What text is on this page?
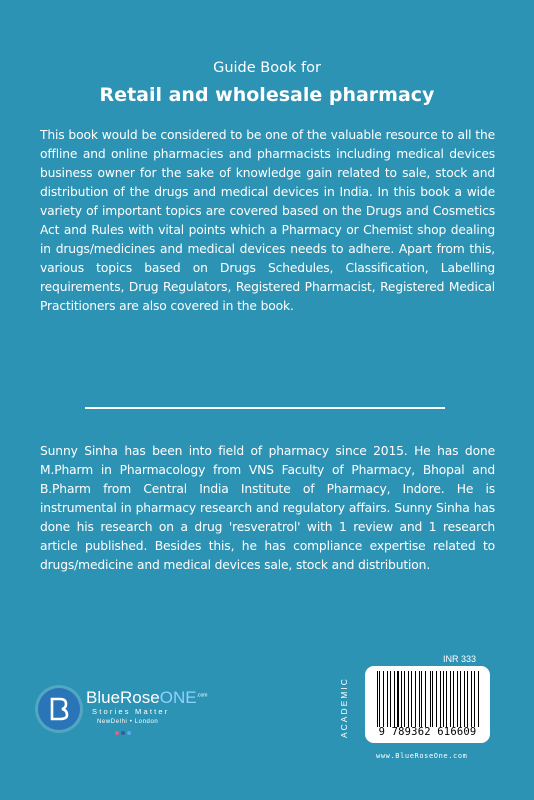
Guide Book for
Retail and wholesale pharmacy
This book would be considered to be one of the valuable resource to all the offline and online pharmacies and pharmacists including medical devices business owner for the sake of knowledge gain related to sale, stock and distribution of the drugs and medical devices in India. In this book a wide variety of important topics are covered based on the Drugs and Cosmetics Act and Rules with vital points which a Pharmacy or Chemist shop dealing in drugs/medicines and medical devices needs to adhere. Apart from this, various topics based on Drugs Schedules, Classification, Labelling requirements, Drug Regulators, Registered Pharmacist, Registered Medical Practitioners are also covered in the book.
Sunny Sinha has been into field of pharmacy since 2015. He has done M.Pharm in Pharmacology from VNS Faculty of Pharmacy, Bhopal and B.Pharm from Central India Institute of Pharmacy, Indore. He is instrumental in pharmacy research and regulatory affairs. Sunny Sinha has done his research on a drug 'resveratrol' with 1 review and 1 research article published. Besides this, he has compliance expertise related to drugs/medicine and medical devices sale, stock and distribution.
BlueRoseONE$^{.com}$
Stories Matter
NewDelhi • London
INR 333
ACADEMIC	9 789362 616609
www.BlueRoseOne.com
